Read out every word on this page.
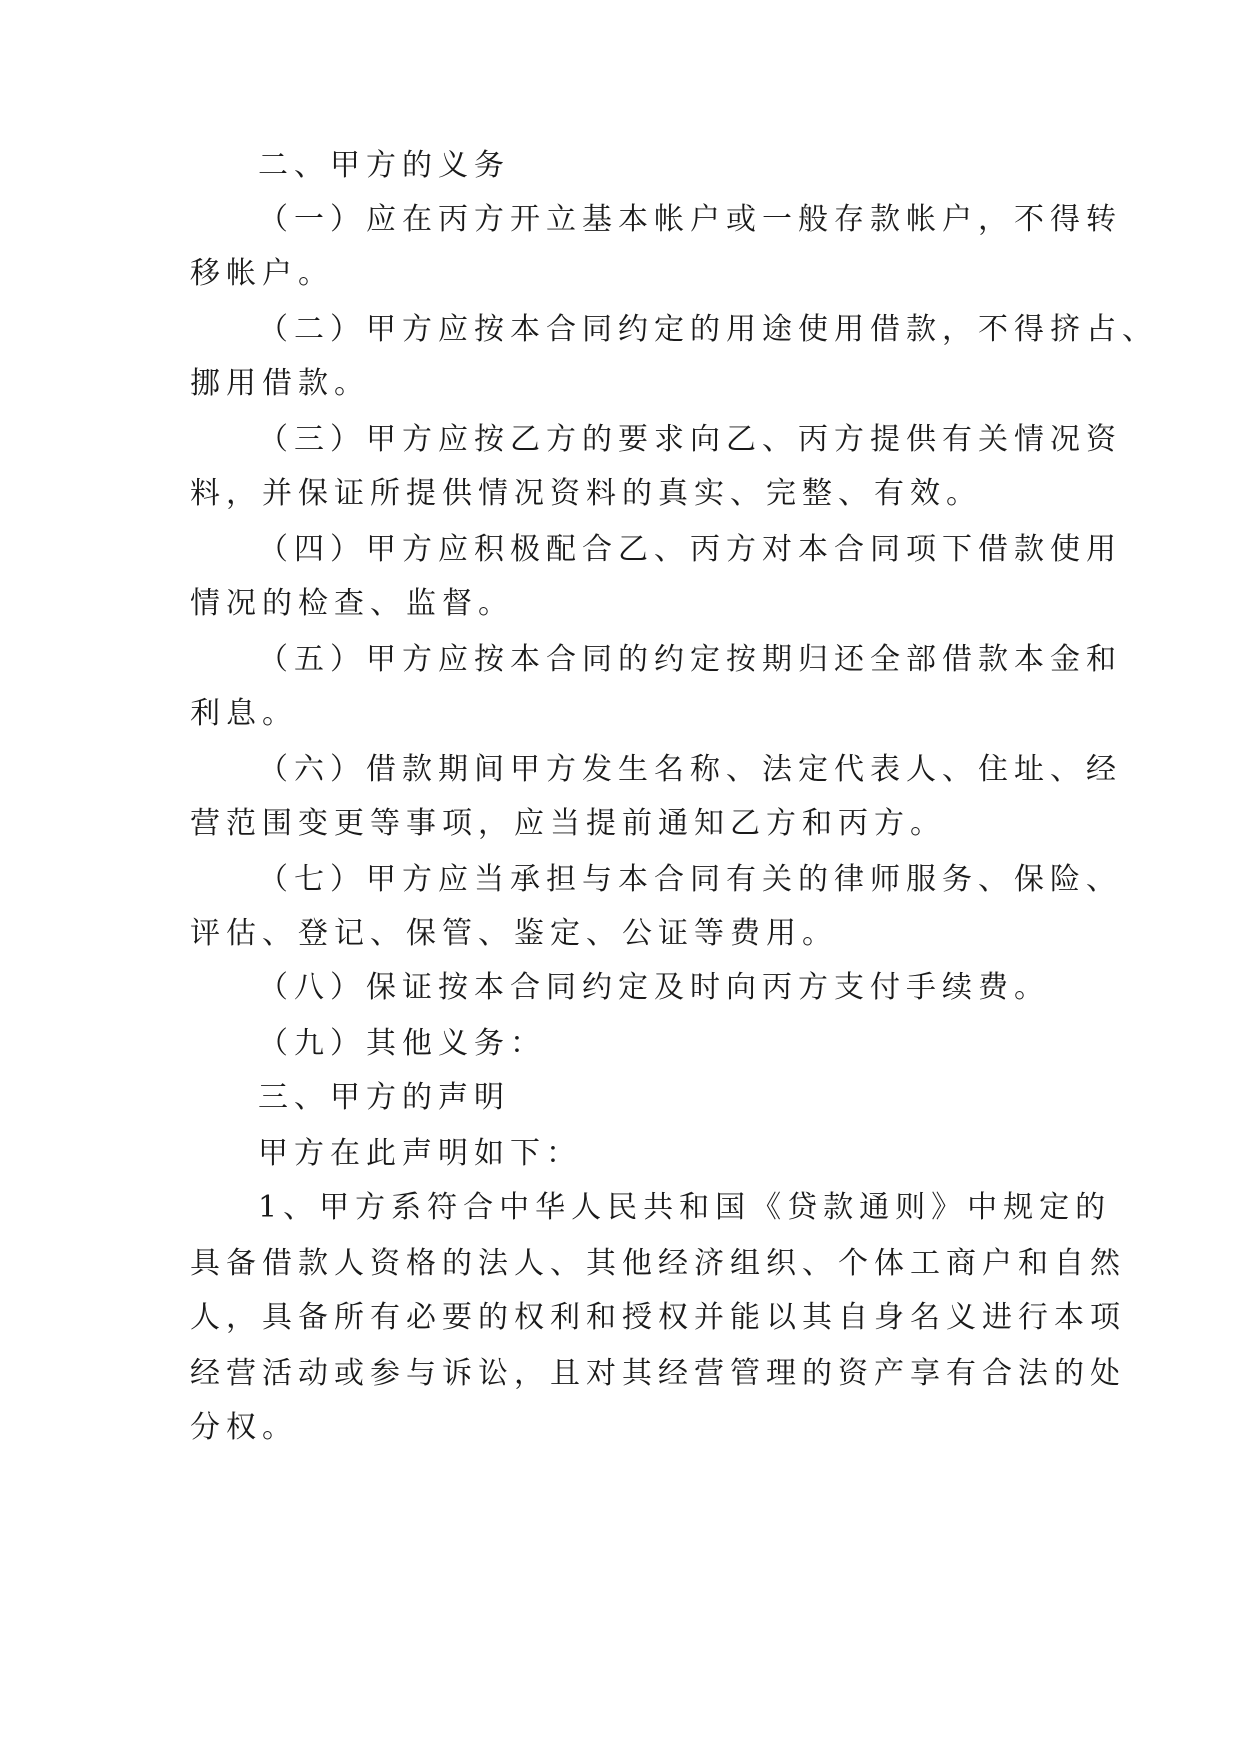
二、甲方的义务
（一）应在丙方开立基本帐户或一般存款帐户，不得转
移帐户。
（二）甲方应按本合同约定的用途使用借款，不得挤占、
挪用借款。
（三）甲方应按乙方的要求向乙、丙方提供有关情况资
料，并保证所提供情况资料的真实、完整、有效。
（四）甲方应积极配合乙、丙方对本合同项下借款使用
情况的检查、监督。
（五）甲方应按本合同的约定按期归还全部借款本金和
利息。
（六）借款期间甲方发生名称、法定代表人、住址、经
营范围变更等事项，应当提前通知乙方和丙方。
（七）甲方应当承担与本合同有关的律师服务、保险、
评估、登记、保管、鉴定、公证等费用。
（八）保证按本合同约定及时向丙方支付手续费。
（九）其他义务：
三、甲方的声明
甲方在此声明如下：
1、甲方系符合中华人民共和国《贷款通则》中规定的
具备借款人资格的法人、其他经济组织、个体工商户和自然
人，具备所有必要的权利和授权并能以其自身名义进行本项
经营活动或参与诉讼，且对其经营管理的资产享有合法的处
分权。
